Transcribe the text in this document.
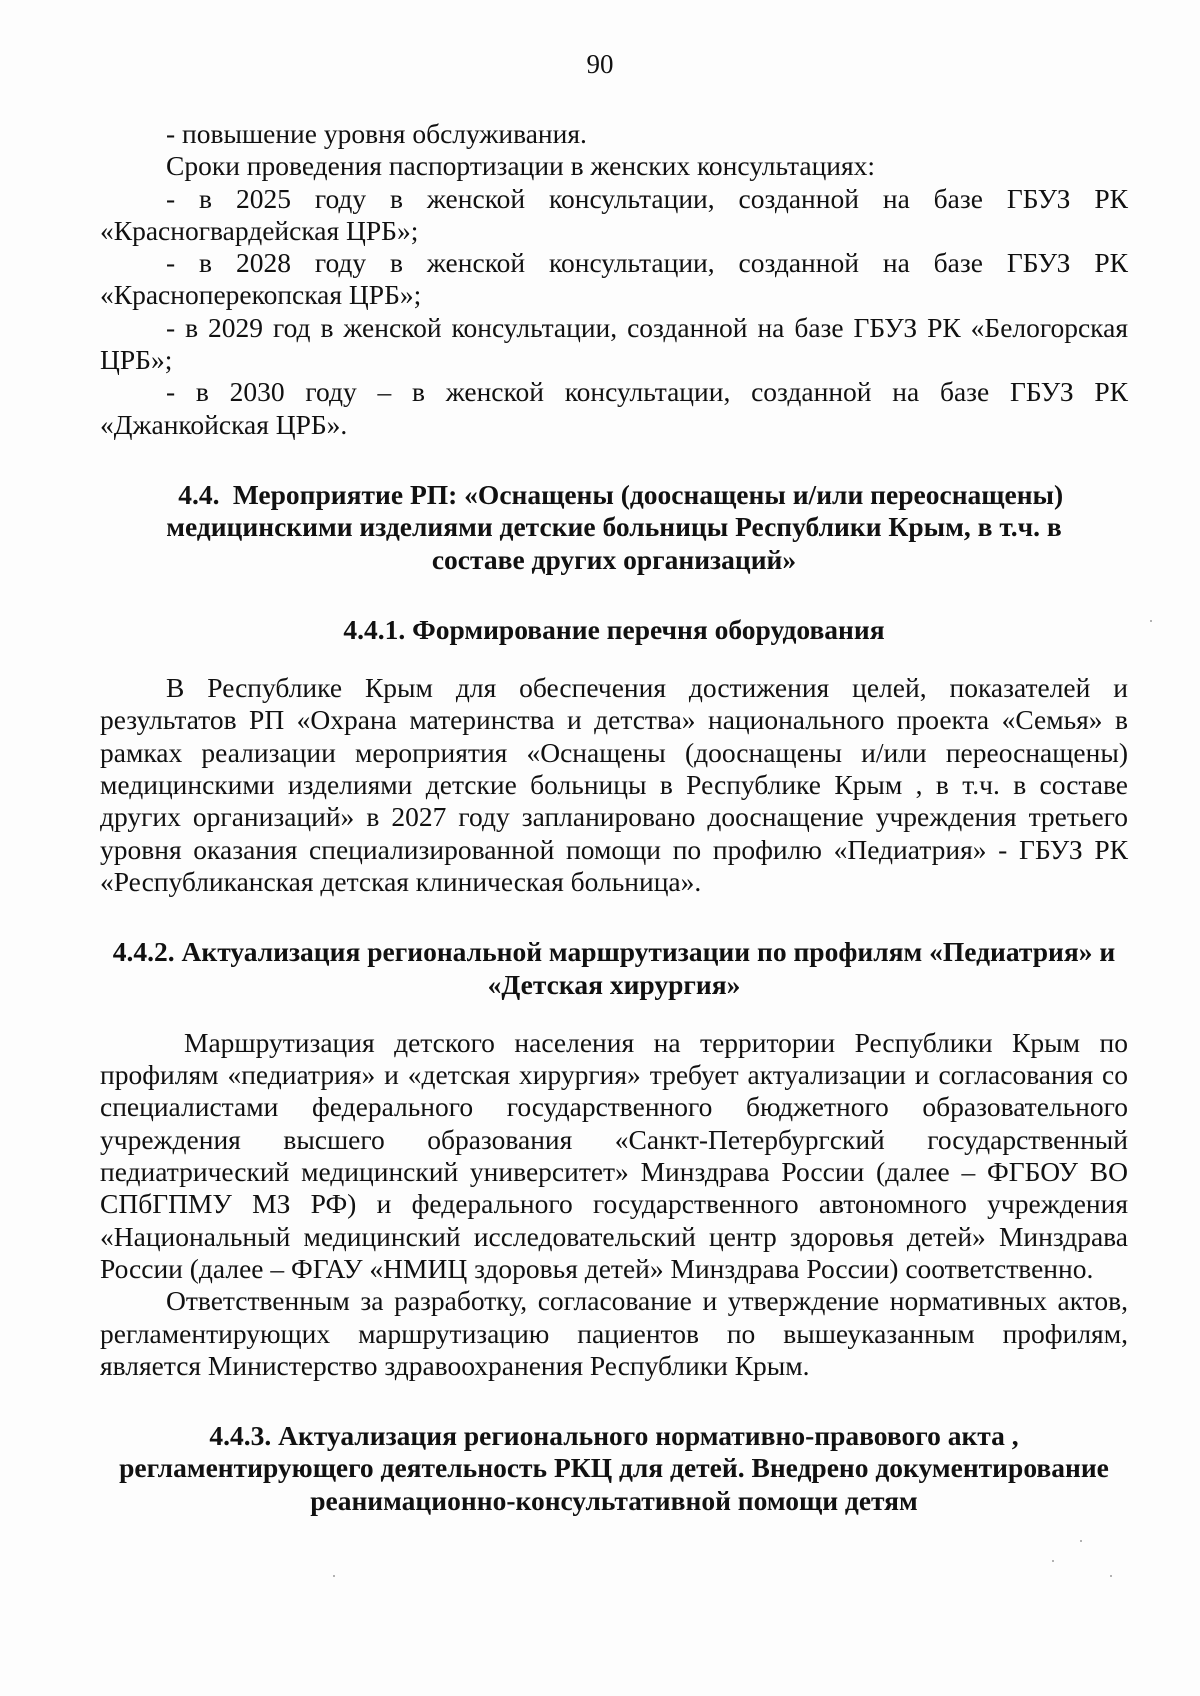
90

- повышение уровня обслуживания.

Сроки проведения паспортизации в женских консультациях:

- в 2025 году в женской консультации, созданной на базе ГБУЗ РК «Красногвардейская ЦРБ»;

- в 2028 году в женской консультации, созданной на базе ГБУЗ РК «Красноперекопская ЦРБ»;

- в 2029 год в женской консультации, созданной на базе ГБУЗ РК «Белогорская ЦРБ»;

- в 2030 году – в женской консультации, созданной на базе ГБУЗ РК «Джанкойская ЦРБ».

4.4. Мероприятие РП: «Оснащены (дооснащены и/или переоснащены) медицинскими изделиями детские больницы Республики Крым, в т.ч. в составе других организаций»

4.4.1. Формирование перечня оборудования

В Республике Крым для обеспечения достижения целей, показателей и результатов РП «Охрана материнства и детства» национального проекта «Семья» в рамках реализации мероприятия «Оснащены (дооснащены и/или переоснащены) медицинскими изделиями детские больницы в Республике Крым , в т.ч. в составе других организаций» в 2027 году запланировано дооснащение учреждения третьего уровня оказания специализированной помощи по профилю «Педиатрия» - ГБУЗ РК «Республиканская детская клиническая больница».

4.4.2. Актуализация региональной маршрутизации по профилям «Педиатрия» и «Детская хирургия»

Маршрутизация детского населения на территории Республики Крым по профилям «педиатрия» и «детская хирургия» требует актуализации и согласования со специалистами федерального государственного бюджетного образовательного учреждения высшего образования «Санкт-Петербургский государственный педиатрический медицинский университет» Минздрава России (далее – ФГБОУ ВО СПбГПМУ МЗ РФ) и федерального государственного автономного учреждения «Национальный медицинский исследовательский центр здоровья детей» Минздрава России (далее – ФГАУ «НМИЦ здоровья детей» Минздрава России) соответственно.

Ответственным за разработку, согласование и утверждение нормативных актов, регламентирующих маршрутизацию пациентов по вышеуказанным профилям, является Министерство здравоохранения Республики Крым.

4.4.3. Актуализация регионального нормативно-правового акта , регламентирующего деятельность РКЦ для детей. Внедрено документирование реанимационно-консультативной помощи детям
